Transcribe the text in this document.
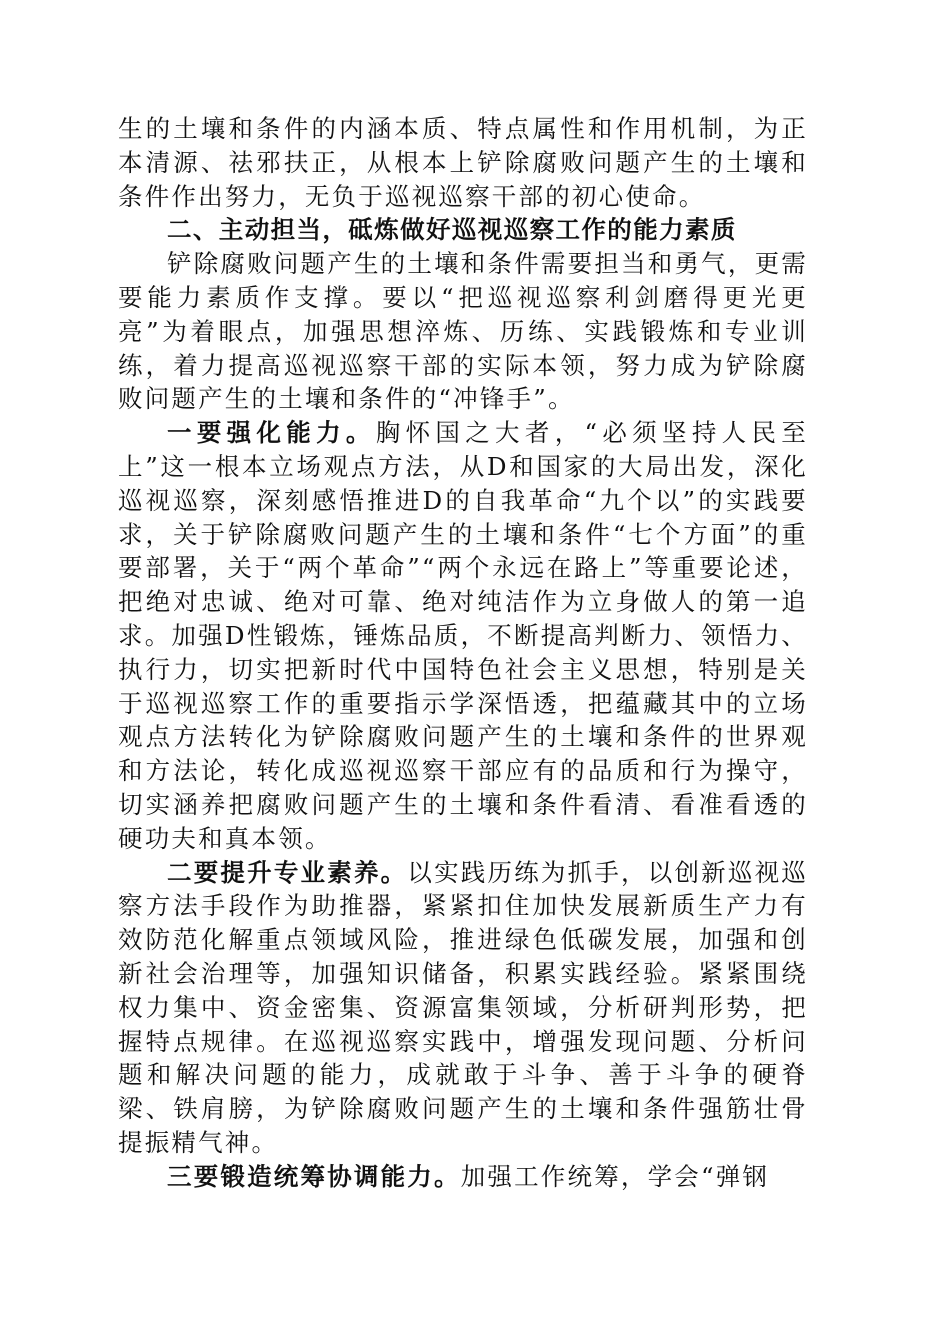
生的土壤和条件的内涵本质、特点属性和作用机制，为正本清源、祛邪扶正，从根本上铲除腐败问题产生的土壤和条件作出努力，无负于巡视巡察干部的初心使命。

二、主动担当，砥炼做好巡视巡察工作的能力素质

铲除腐败问题产生的土壤和条件需要担当和勇气，更需要能力素质作支撑。要以“把巡视巡察利剑磨得更光更亮”为着眼点，加强思想淬炼、历练、实践锻炼和专业训练，着力提高巡视巡察干部的实际本领，努力成为铲除腐败问题产生的土壤和条件的“冲锋手”。

一要强化能力。胸怀国之大者，“必须坚持人民至上”这一根本立场观点方法，从D和国家的大局出发，深化巡视巡察，深刻感悟推进D的自我革命“九个以”的实践要求，关于铲除腐败问题产生的土壤和条件“七个方面”的重要部署，关于“两个革命”“两个永远在路上”等重要论述，把绝对忠诚、绝对可靠、绝对纯洁作为立身做人的第一追求。加强D性锻炼，锤炼品质，不断提高判断力、领悟力、执行力，切实把新时代中国特色社会主义思想，特别是关于巡视巡察工作的重要指示学深悟透，把蕴藏其中的立场观点方法转化为铲除腐败问题产生的土壤和条件的世界观和方法论，转化成巡视巡察干部应有的品质和行为操守，切实涵养把腐败问题产生的土壤和条件看清、看准看透的硬功夫和真本领。

二要提升专业素养。以实践历练为抓手，以创新巡视巡察方法手段作为助推器，紧紧扣住加快发展新质生产力有效防范化解重点领域风险，推进绿色低碳发展，加强和创新社会治理等，加强知识储备，积累实践经验。紧紧围绕权力集中、资金密集、资源富集领域，分析研判形势，把握特点规律。在巡视巡察实践中，增强发现问题、分析问题和解决问题的能力，成就敢于斗争、善于斗争的硬脊梁、铁肩膀，为铲除腐败问题产生的土壤和条件强筋壮骨提振精气神。

三要锻造统筹协调能力。加强工作统筹，学会“弹钢
